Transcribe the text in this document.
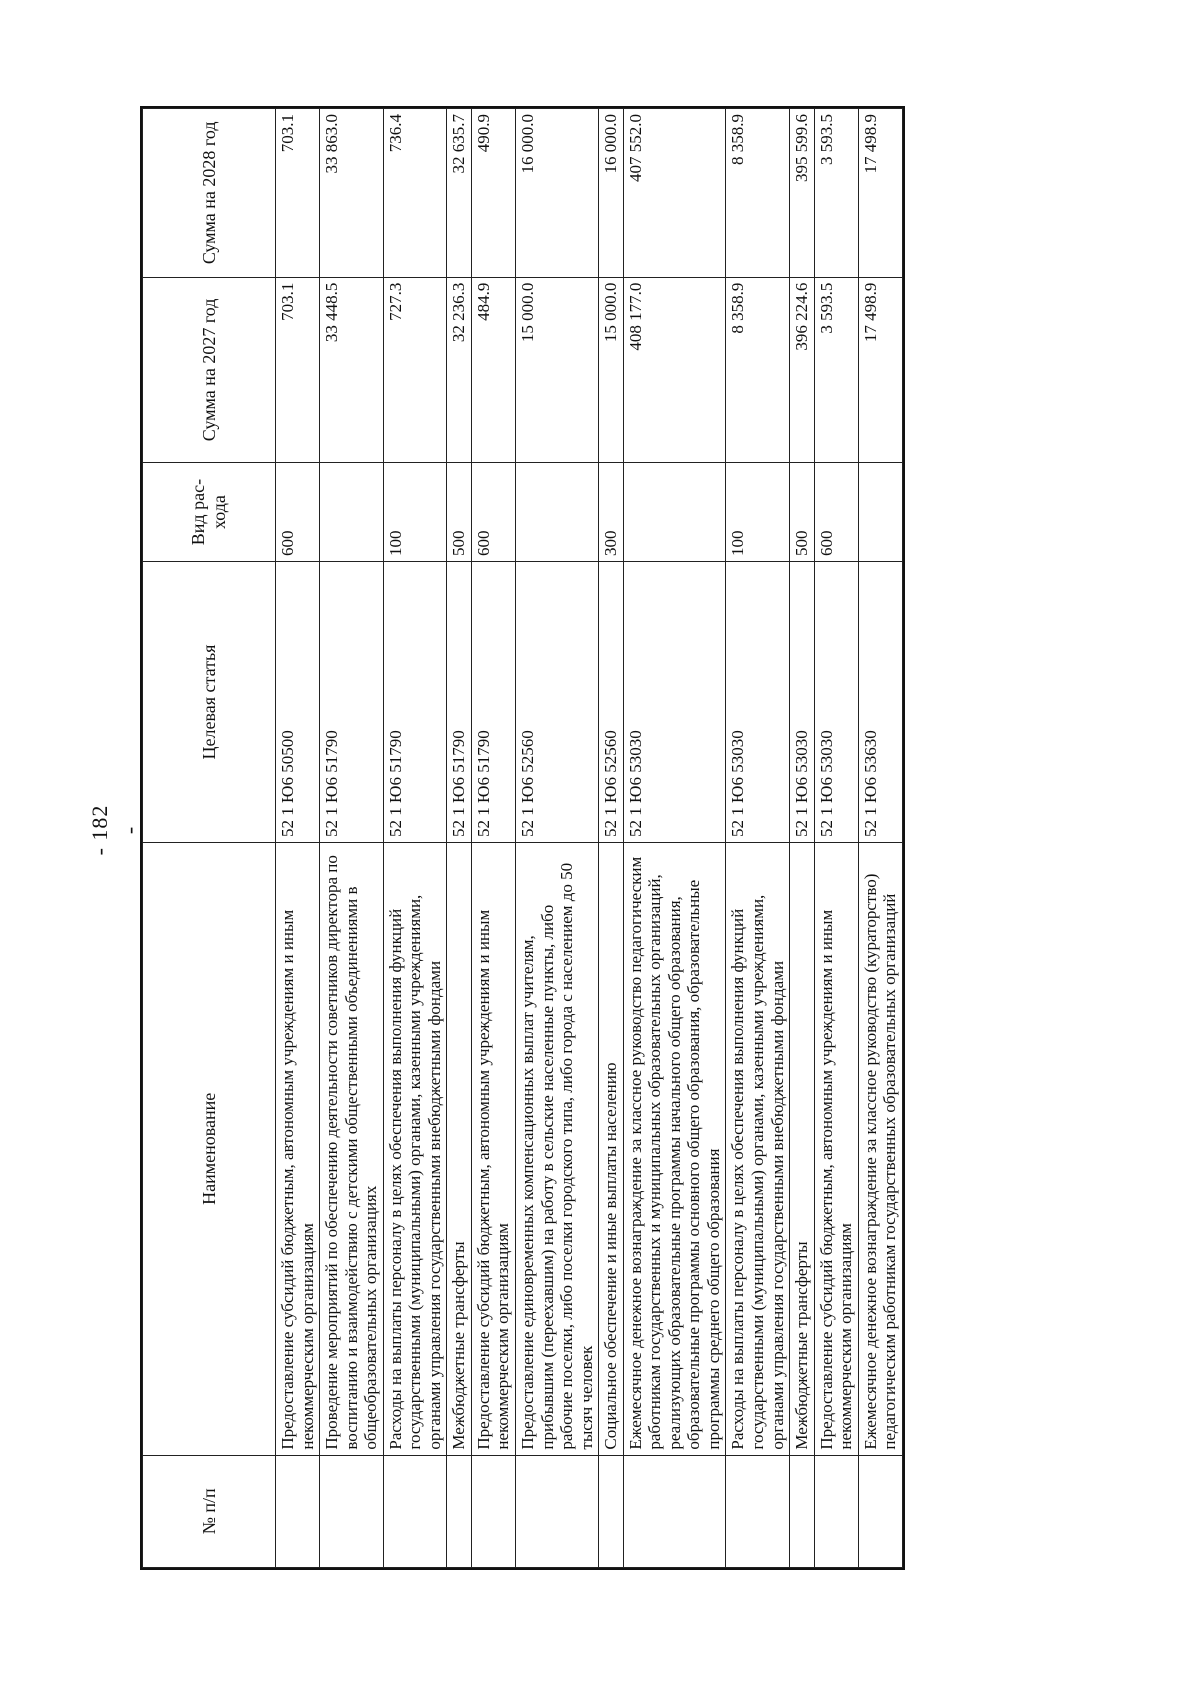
- 182 -
№ п/п	Наименование	Целевая статья	Вид рас-хода	Сумма на 2027 год	Сумма на 2028 год
	Предоставление субсидий бюджетным, автономным учреждениям и иным некоммерческим организациям	52 1 Ю6 50500	600	703.1	703.1
	Проведение мероприятий по обеспечению деятельности советников директора по воспитанию и взаимодействию с детскими общественными объединениями в общеобразовательных организациях	52 1 Ю6 51790		33 448.5	33 863.0
	Расходы на выплаты персоналу в целях обеспечения выполнения функций государственными (муниципальными) органами, казенными учреждениями, органами управления государственными внебюджетными фондами	52 1 Ю6 51790	100	727.3	736.4
	Межбюджетные трансферты	52 1 Ю6 51790	500	32 236.3	32 635.7
	Предоставление субсидий бюджетным, автономным учреждениям и иным некоммерческим организациям	52 1 Ю6 51790	600	484.9	490.9
	Предоставление единовременных компенсационных выплат учителям, прибывшим (переехавшим) на работу в сельские населенные пункты, либо рабочие поселки, либо поселки городского типа, либо города с населением до 50 тысяч человек	52 1 Ю6 52560		15 000.0	16 000.0
	Социальное обеспечение и иные выплаты населению	52 1 Ю6 52560	300	15 000.0	16 000.0
	Ежемесячное денежное вознаграждение за классное руководство педагогическим работникам государственных и муниципальных образовательных организаций, реализующих образовательные программы начального общего образования, образовательные программы основного общего образования, образовательные программы среднего общего образования	52 1 Ю6 53030		408 177.0	407 552.0
	Расходы на выплаты персоналу в целях обеспечения выполнения функций государственными (муниципальными) органами, казенными учреждениями, органами управления государственными внебюджетными фондами	52 1 Ю6 53030	100	8 358.9	8 358.9
	Межбюджетные трансферты	52 1 Ю6 53030	500	396 224.6	395 599.6
	Предоставление субсидий бюджетным, автономным учреждениям и иным некоммерческим организациям	52 1 Ю6 53030	600	3 593.5	3 593.5
	Ежемесячное денежное вознаграждение за классное руководство (кураторство) педагогическим работникам государственных образовательных организаций	52 1 Ю6 53630		17 498.9	17 498.9
